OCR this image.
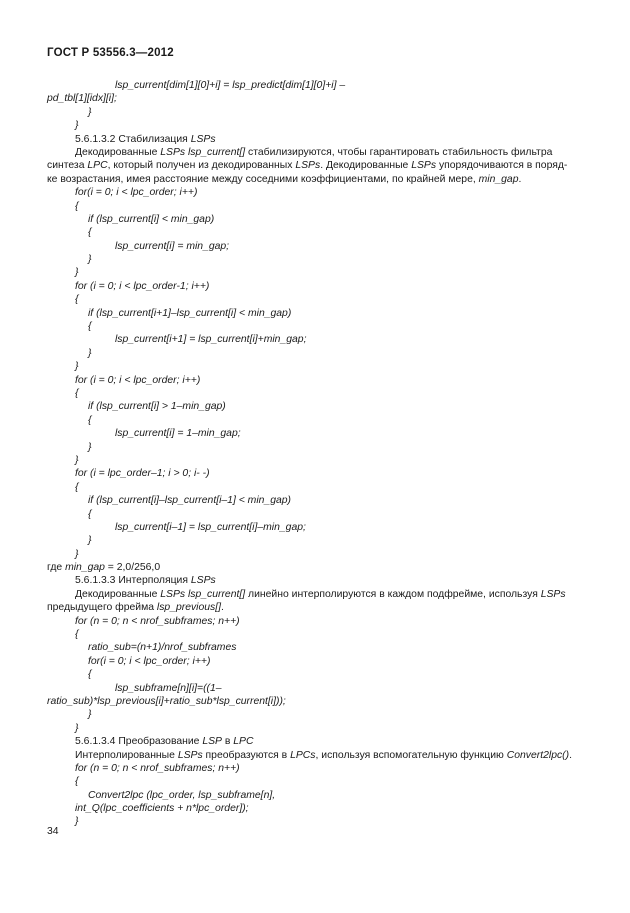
ГОСТ Р 53556.3—2012
lsp_current[dim[1][0]+i] = lsp_predict[dim[1][0]+i] –
pd_tbl[1][idx][i];
}
}
5.6.1.3.2 Стабилизация LSPs
Декодированные LSPs lsp_current[] стабилизируются, чтобы гарантировать стабильность фильтра
синтеза LPC, который получен из декодированных LSPs. Декодированные LSPs упорядочиваются в поряд-
ке возрастания, имея расстояние между соседними коэффициентами, по крайней мере, min_gap.
for(i = 0; i < lpc_order; i++)
{
if (lsp_current[i] < min_gap)
{
lsp_current[i] = min_gap;
}
}
for (i = 0; i < lpc_order-1; i++)
{
if (lsp_current[i+1]–lsp_current[i] < min_gap)
{
lsp_current[i+1] = lsp_current[i]+min_gap;
}
}
for (i = 0; i < lpc_order; i++)
{
if (lsp_current[i] > 1–min_gap)
{
lsp_current[i] = 1–min_gap;
}
}
for (i = lpc_order–1; i > 0; i- -)
{
if (lsp_current[i]–lsp_current[i–1] < min_gap)
{
lsp_current[i–1] = lsp_current[i]–min_gap;
}
}
где min_gap = 2,0/256,0
5.6.1.3.3 Интерполяция LSPs
Декодированные LSPs lsp_current[] линейно интерполируются в каждом подфрейме, используя LSPs
предыдущего фрейма lsp_previous[].
for (n = 0; n < nrof_subframes; n++)
{
ratio_sub=(n+1)/nrof_subframes
for(i = 0; i < lpc_order; i++)
{
lsp_subframe[n][i]=((1–
ratio_sub)*lsp_previous[i]+ratio_sub*lsp_current[i]));
}
}
5.6.1.3.4 Преобразование LSP в LPC
Интерполированные LSPs преобразуются в LPCs, используя вспомогательную функцию Convert2lpc().
for (n = 0; n < nrof_subframes; n++)
{
Convert2lpc (lpc_order, lsp_subframe[n],
int_Q(lpc_coefficients + n*lpc_order]);
}
34
